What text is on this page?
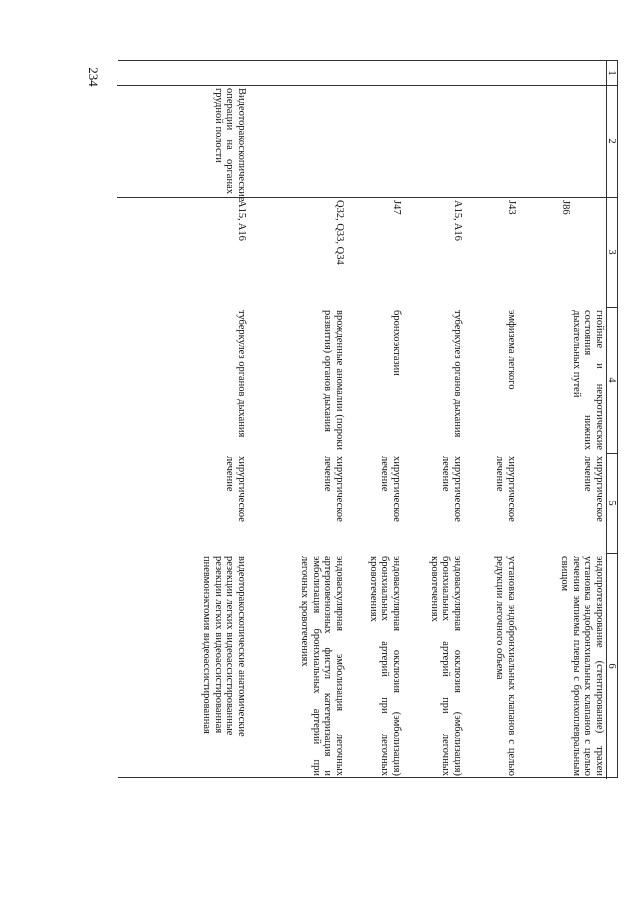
234	1
2
3
4
5
6
J86
гнойные и некротические состояния нижних дыхательных путей
хирургическое лечение
эндопротезирование (стентирование) трахеи установка эндобронхиальных клапанов с целью лечения эмпиемы плевры с бронхоплевральным свищом
J43
эмфизема легкого
хирургическое лечение
установка эндобронхиальных клапанов с целью редукции легочного объема
A15, A16
туберкулез органов дыхания
хирургическое лечение
эндоваскулярная окклюзия (эмболизация) бронхиальных артерий при легочных кровотечениях
J47
бронхоэктазии
хирургическое лечение
эндоваскулярная окклюзия (эмболизация) бронхиальных артерий при легочных кровотечениях
Q32, Q33, Q34
врожденные аномалии (пороки развития) органов дыхания
хирургическое лечение
эндоваскулярная эмболизация легочных артериовенозных фистул катетеризация и эмболизация бронхиальных артерий при легочных кровотечениях
Видеоторакоскопические операции на органах грудной полости
A15, A16
туберкулез органов дыхания
хирургическое лечение
видеоторакоскопические анатомические резекции легких видеоассистированные резекции легких видеоассистированная пневмонэктомия видеоассистированная
